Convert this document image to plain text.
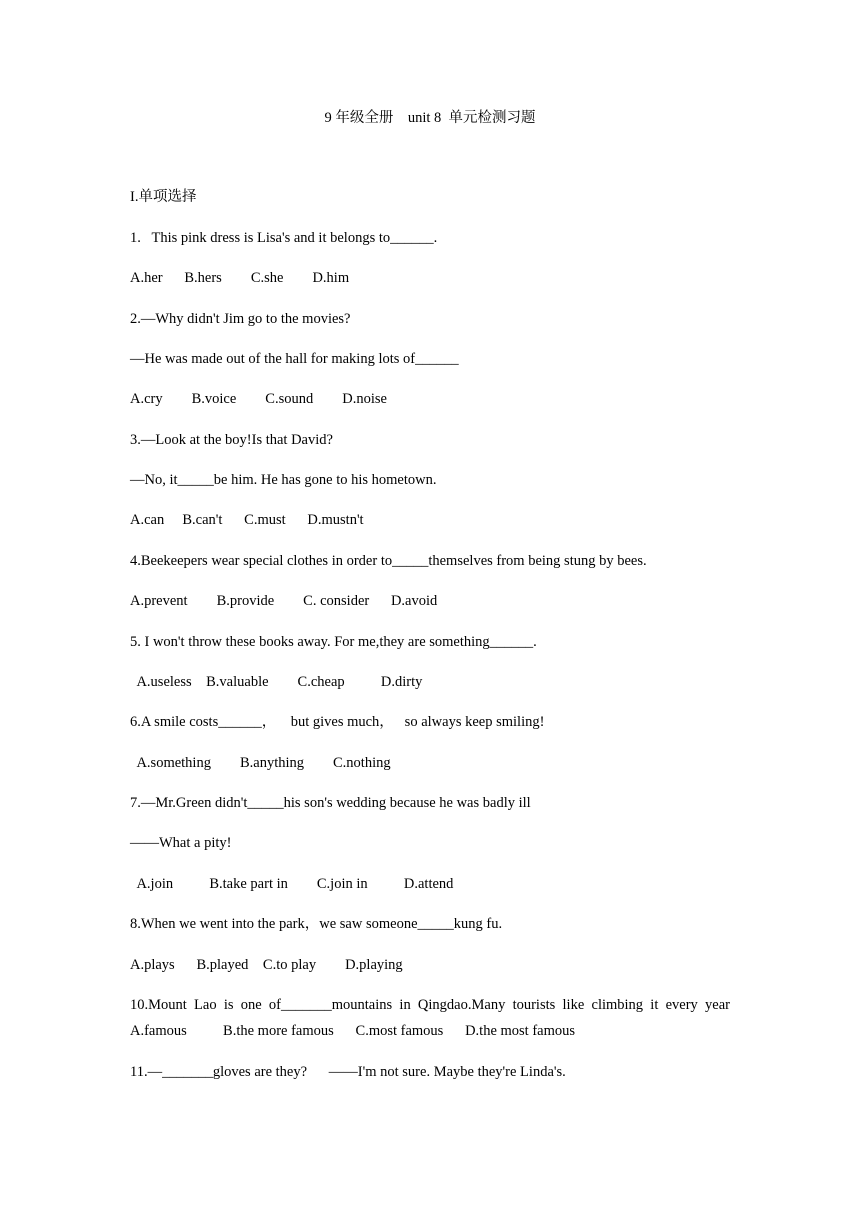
9 年级全册    unit 8  单元检测习题
I.单项选择
1.   This pink dress is Lisa's and it belongs to______.
A.her      B.hers        C.she        D.him
2.—Why didn't Jim go to the movies?
—He was made out of the hall for making lots of______
A.cry        B.voice        C.sound        D.noise
3.—Look at the boy!Is that David?
—No, it_____be him. He has gone to his hometown.
A.can     B.can't      C.must      D.mustn't
4.Beekeepers wear special clothes in order to_____themselves from being stung by bees.
A.prevent        B.provide        C. consider      D.avoid
5. I won't throw these books away. For me,they are something______.
A.useless    B.valuable        C.cheap          D.dirty
6.A smile costs______，    but gives much，   so always keep smiling!
A.something        B.anything        C.nothing
7.—Mr.Green didn't_____his son's wedding because he was badly ill
——What a pity!
A.join          B.take part in        C.join in          D.attend
8.When we went into the park，we saw someone_____kung fu.
A.plays      B.played    C.to play        D.playing
10.Mount Lao is one of_______mountains in Qingdao.Many tourists like climbing it every year
A.famous          B.the more famous      C.most famous      D.the most famous
11.—_______gloves are they?      ——I'm not sure. Maybe they're Linda's.
